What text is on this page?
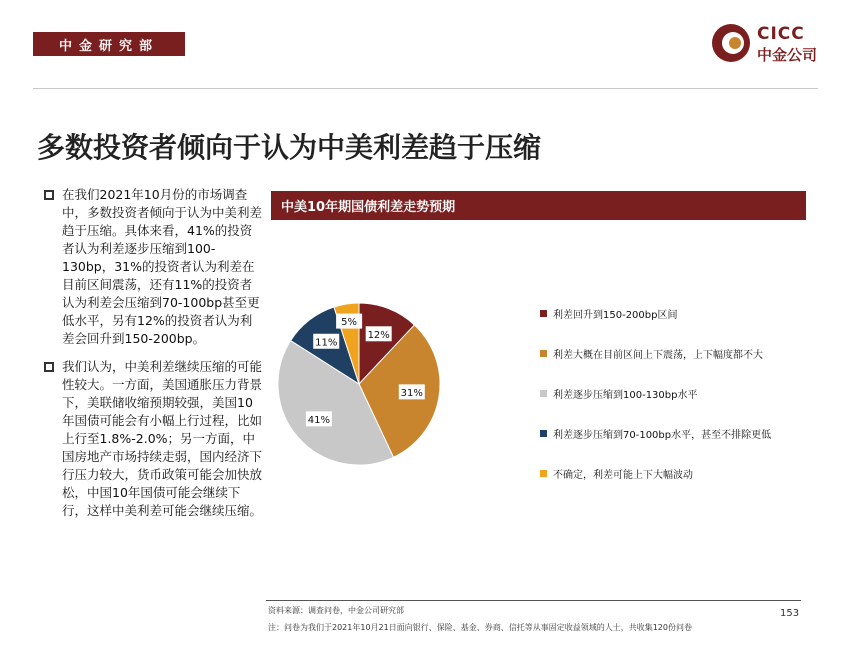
中金研究部
CICC
中金公司
多数投资者倾向于认为中美利差趋于压缩
在我们2021年10月份的市场调查中，多数投资者倾向于认为中美利差趋于压缩。具体来看，41%的投资者认为利差逐步压缩到100-130bp，31%的投资者认为利差在目前区间震荡，还有11%的投资者认为利差会压缩到70-100bp甚至更低水平，另有12%的投资者认为利差会回升到150-200bp。
我们认为，中美利差继续压缩的可能性较大。一方面，美国通胀压力背景下，美联储收缩预期较强，美国10年国债可能会有小幅上行过程，比如上行至1.8%-2.0%；另一方面，中国房地产市场持续走弱，国内经济下行压力较大，货币政策可能会加快放松，中国10年国债可能会继续下行，这样中美利差可能会继续压缩。
中美10年期国债利差走势预期
12%
31%
41%
11%
5%
利差回升到150-200bp区间
利差大概在目前区间上下震荡，上下幅度都不大
利差逐步压缩到100-130bp水平
利差逐步压缩到70-100bp水平，甚至不排除更低
不确定，利差可能上下大幅波动
资料来源：调查问卷，中金公司研究部
注：问卷为我们于2021年10月21日面向银行、保险、基金、券商、信托等从事固定收益领域的人士，共收集120份问卷
153
